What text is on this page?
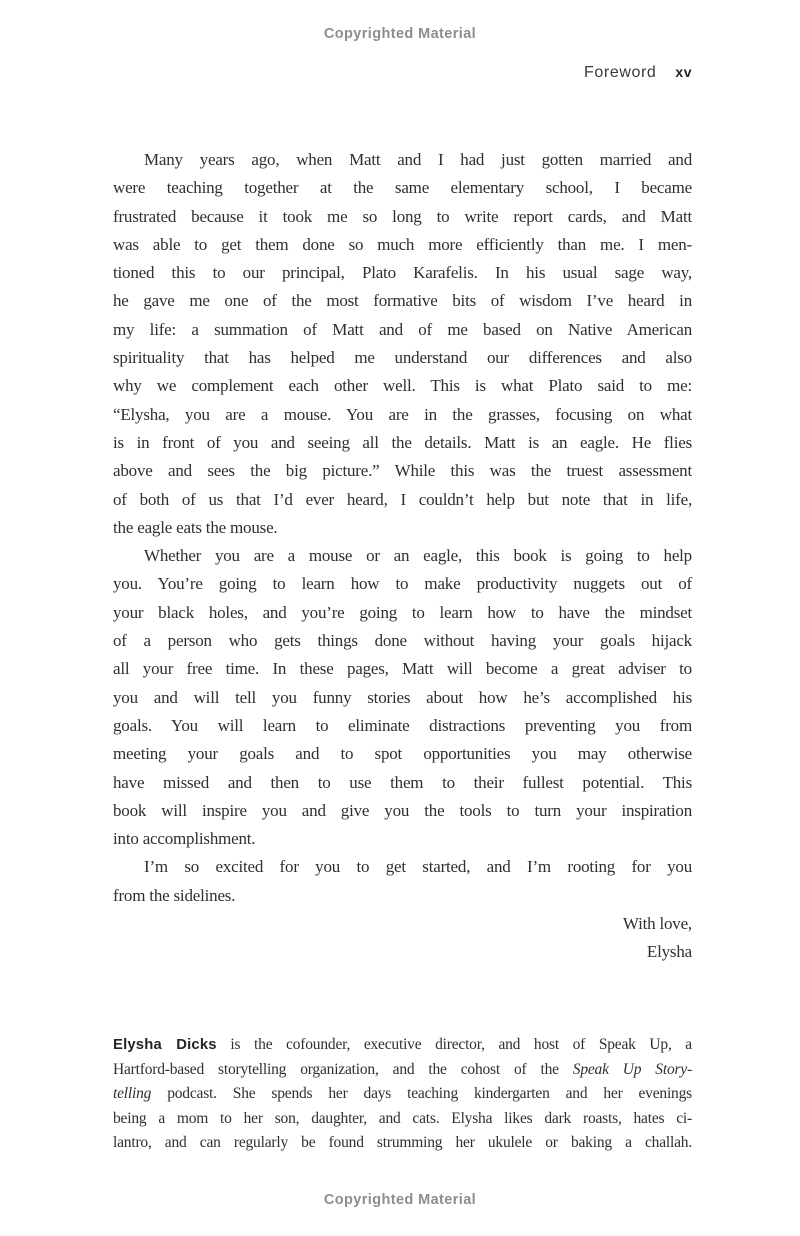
Copyrighted Material
Foreword xv
Many years ago, when Matt and I had just gotten married and
were teaching together at the same elementary school, I became
frustrated because it took me so long to write report cards, and Matt
was able to get them done so much more efficiently than me. I men-
tioned this to our principal, Plato Karafelis. In his usual sage way,
he gave me one of the most formative bits of wisdom I’ve heard in
my life: a summation of Matt and of me based on Native American
spirituality that has helped me understand our differences and also
why we complement each other well. This is what Plato said to me:
“Elysha, you are a mouse. You are in the grasses, focusing on what
is in front of you and seeing all the details. Matt is an eagle. He flies
above and sees the big picture.” While this was the truest assessment
of both of us that I’d ever heard, I couldn’t help but note that in life,
the eagle eats the mouse.
Whether you are a mouse or an eagle, this book is going to help
you. You’re going to learn how to make productivity nuggets out of
your black holes, and you’re going to learn how to have the mindset
of a person who gets things done without having your goals hijack
all your free time. In these pages, Matt will become a great adviser to
you and will tell you funny stories about how he’s accomplished his
goals. You will learn to eliminate distractions preventing you from
meeting your goals and to spot opportunities you may otherwise
have missed and then to use them to their fullest potential. This
book will inspire you and give you the tools to turn your inspiration
into accomplishment.
I’m so excited for you to get started, and I’m rooting for you
from the sidelines.
With love,
Elysha
Elysha Dicks is the cofounder, executive director, and host of Speak Up, a
Hartford-based storytelling organization, and the cohost of the Speak Up Story-
telling podcast. She spends her days teaching kindergarten and her evenings
being a mom to her son, daughter, and cats. Elysha likes dark roasts, hates ci-
lantro, and can regularly be found strumming her ukulele or baking a challah.
Copyrighted Material
